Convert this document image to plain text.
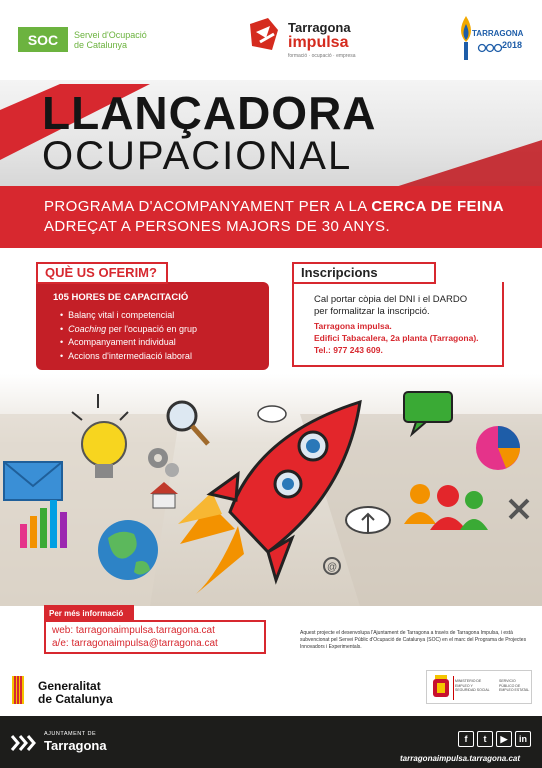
SOC	Servei d'Ocupació
de Catalunya
Tarragona
impulsa
formació · ocupació · empresa
TARRAGONA
2018
LLANÇADORA
OCUPACIONAL
PROGRAMA D'ACOMPANYAMENT PER A LA CERCA DE FEINA
ADREÇAT A PERSONES MAJORS DE 30 ANYS.
105 HORES DE CAPACITACIÓ
• Balanç vital i competencial
• Coaching per l'ocupació en grup
• Acompanyament individual
• Accions d'intermediació laboral
QUÈ US OFERIM?
Cal portar còpia del DNI i el DARDO
per formalitzar la inscripció.
Tarragona impulsa.
Edifici Tabacalera, 2a planta (Tarragona).
Tel.: 977 243 609.
Inscripcions
@
Per més informació
web: tarragonaimpulsa.tarragona.cat
a/e: tarragonaimpulsa@tarragona.cat
Aquest projecte el desenvolupa l'Ajuntament de Tarragona a través de Tarragona Impulsa, i està subvencionat pel Servei Públic d'Ocupació de Catalunya (SOC) en el marc del Programa de Projectes Innovadors i Experimentals.
Generalitat
de Catalunya
MINISTERIO DE EMPLEO Y SEGURIDAD SOCIAL
SERVICIO PÚBLICO DE EMPLEO ESTATAL
AJUNTAMENT DE
Tarragona	f	t	▶	in
tarragonaimpulsa.tarragona.cat
